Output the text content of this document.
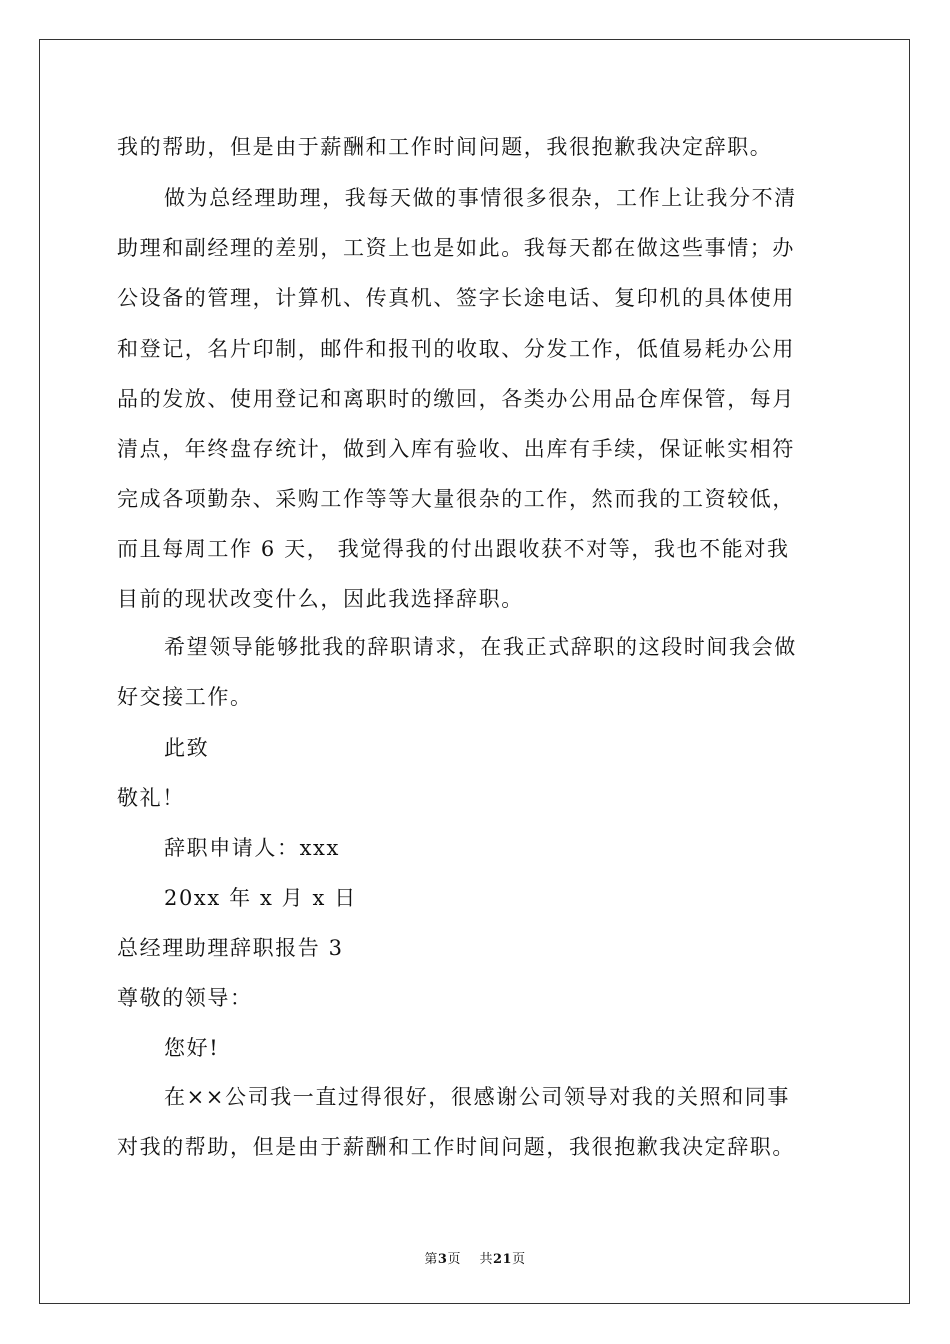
我的帮助，但是由于薪酬和工作时间问题，我很抱歉我决定辞职。
做为总经理助理，我每天做的事情很多很杂，工作上让我分不清
助理和副经理的差别，工资上也是如此。我每天都在做这些事情；办
公设备的管理，计算机、传真机、签字长途电话、复印机的具体使用
和登记，名片印制，邮件和报刊的收取、分发工作，低值易耗办公用
品的发放、使用登记和离职时的缴回，各类办公用品仓库保管，每月
清点，年终盘存统计，做到入库有验收、出库有手续，保证帐实相符
完成各项勤杂、采购工作等等大量很杂的工作，然而我的工资较低，
而且每周工作 6 天， 我觉得我的付出跟收获不对等，我也不能对我
目前的现状改变什么，因此我选择辞职。
希望领导能够批我的辞职请求，在我正式辞职的这段时间我会做
好交接工作。
此致
敬礼！
辞职申请人：xxx
20xx 年 x 月 x 日
总经理助理辞职报告 3
尊敬的领导：
您好!
在××公司我一直过得很好，很感谢公司领导对我的关照和同事
对我的帮助，但是由于薪酬和工作时间问题，我很抱歉我决定辞职。
第3页 共21页
